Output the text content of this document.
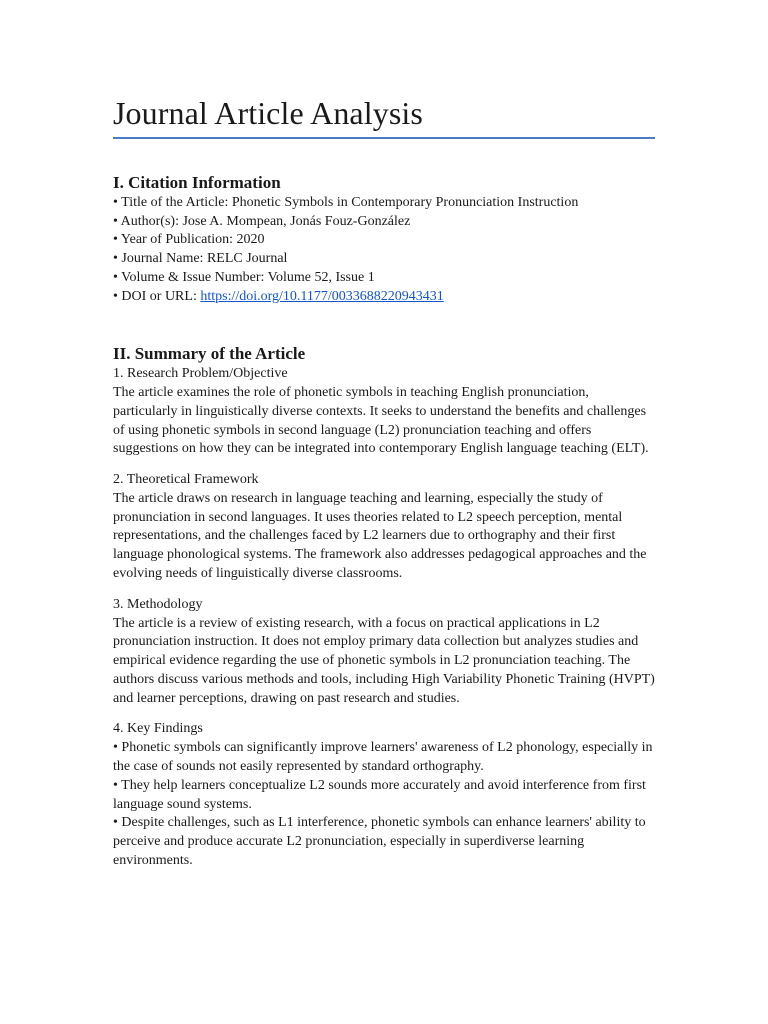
Journal Article Analysis
I. Citation Information

• Title of the Article: Phonetic Symbols in Contemporary Pronunciation Instruction

• Author(s): Jose A. Mompean, Jonás Fouz-González

• Year of Publication: 2020

• Journal Name: RELC Journal

• Volume & Issue Number: Volume 52, Issue 1

• DOI or URL: https://doi.org/10.1177/0033688220943431

II. Summary of the Article

1. Research Problem/Objective

The article examines the role of phonetic symbols in teaching English pronunciation, particularly in linguistically diverse contexts. It seeks to understand the benefits and challenges of using phonetic symbols in second language (L2) pronunciation teaching and offers suggestions on how they can be integrated into contemporary English language teaching (ELT).

2. Theoretical Framework

The article draws on research in language teaching and learning, especially the study of pronunciation in second languages. It uses theories related to L2 speech perception, mental representations, and the challenges faced by L2 learners due to orthography and their first language phonological systems. The framework also addresses pedagogical approaches and the evolving needs of linguistically diverse classrooms.

3. Methodology

The article is a review of existing research, with a focus on practical applications in L2 pronunciation instruction. It does not employ primary data collection but analyzes studies and empirical evidence regarding the use of phonetic symbols in L2 pronunciation teaching. The authors discuss various methods and tools, including High Variability Phonetic Training (HVPT) and learner perceptions, drawing on past research and studies.

4. Key Findings

• Phonetic symbols can significantly improve learners' awareness of L2 phonology, especially in the case of sounds not easily represented by standard orthography.

• They help learners conceptualize L2 sounds more accurately and avoid interference from first language sound systems.

• Despite challenges, such as L1 interference, phonetic symbols can enhance learners' ability to perceive and produce accurate L2 pronunciation, especially in superdiverse learning environments.
